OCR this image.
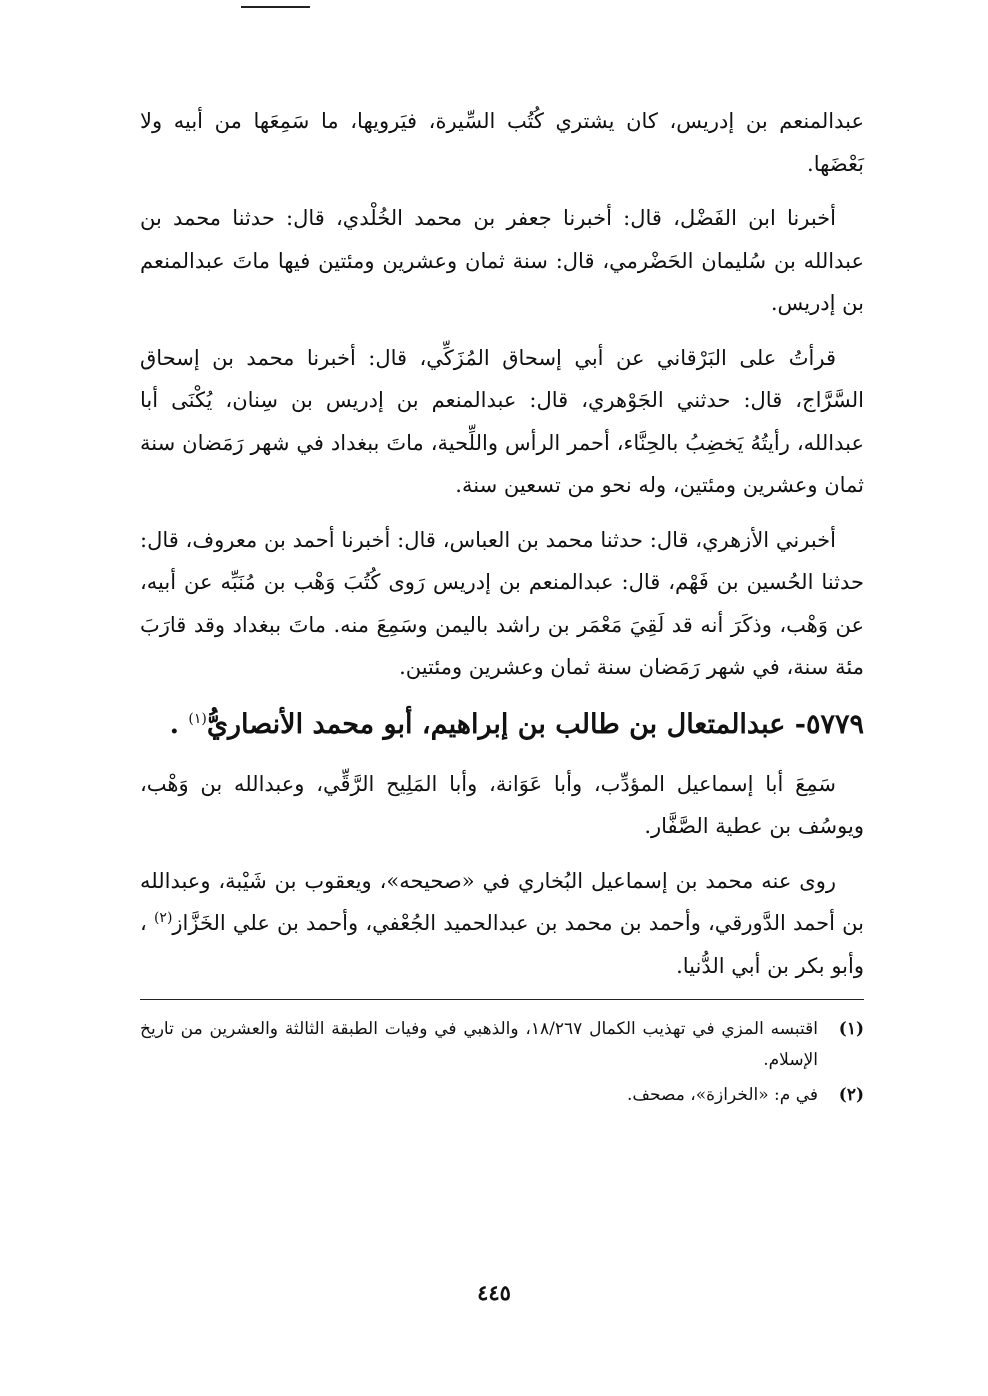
عبدالمنعم بن إدريس، كان يشتري كُتُب السِّيرة، فيَرويها، ما سَمِعَها من أبيه ولا بَعْضَها.

أخبرنا ابن الفَضْل، قال: أخبرنا جعفر بن محمد الخُلْدي، قال: حدثنا محمد بن عبدالله بن سُليمان الحَضْرمي، قال: سنة ثمان وعشرين ومئتين فيها ماتَ عبدالمنعم بن إدريس.

قرأتُ على البَرْقاني عن أبي إسحاق المُزَكِّي، قال: أخبرنا محمد بن إسحاق السَّرَّاج، قال: حدثني الجَوْهري، قال: عبدالمنعم بن إدريس بن سِنان، يُكْنَى أبا عبدالله، رأيتُهُ يَخضِبُ بالحِنَّاء، أحمر الرأس واللِّحية، ماتَ ببغداد في شهر رَمَضان سنة ثمان وعشرين ومئتين، وله نحو من تسعين سنة.

أخبرني الأزهري، قال: حدثنا محمد بن العباس، قال: أخبرنا أحمد بن معروف، قال: حدثنا الحُسين بن فَهْم، قال: عبدالمنعم بن إدريس رَوى كُتُبَ وَهْب بن مُنَبِّه عن أبيه، عن وَهْب، وذكَرَ أنه قد لَقِيَ مَعْمَر بن راشد باليمن وسَمِعَ منه. ماتَ ببغداد وقد قارَبَ مئة سنة، في شهر رَمَضان سنة ثمان وعشرين ومئتين.

٥٧٧٩- عبدالمتعال بن طالب بن إبراهيم، أبو محمد الأنصاريُّ$^{(١)}$ .

سَمِعَ أبا إسماعيل المؤدِّب، وأبا عَوَانة، وأبا المَلِيح الرَّقِّي، وعبدالله بن وَهْب، ويوسُف بن عطية الصَّفَّار.

روى عنه محمد بن إسماعيل البُخاري في «صحيحه»، ويعقوب بن شَيْبة، وعبدالله بن أحمد الدَّورقي، وأحمد بن محمد بن عبدالحميد الجُعْفي، وأحمد بن علي الخَزَّاز$^{(٢)}$ ، وأبو بكر بن أبي الدُّنيا.

(١)
اقتبسه المزي في تهذيب الكمال ١٨/٢٦٧، والذهبي في وفيات الطبقة الثالثة والعشرين من تاريخ الإسلام.
(٢)
في م: «الخرازة»، مصحف.
٤٤٥
